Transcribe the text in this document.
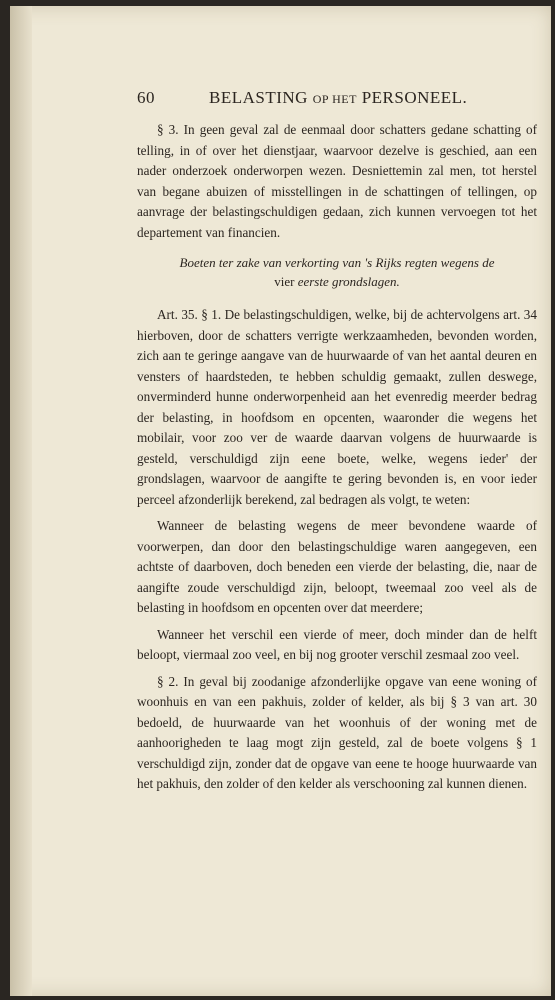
60	BELASTING OP HET PERSONEEL.

§ 3. In geen geval zal de eenmaal door schatters gedane schatting of telling, in of over het dienstjaar, waarvoor dezelve is geschied, aan een nader onderzoek onderworpen wezen. Desniettemin zal men, tot herstel van begane abuizen of misstellingen in de schattingen of tellingen, op aanvrage der belastingschuldigen gedaan, zich kunnen vervoegen tot het departement van financien.

Boeten ter zake van verkorting van 's Rijks regten wegens de
vier eerste grondslagen.

Art. 35. § 1. De belastingschuldigen, welke, bij de achtervolgens art. 34 hierboven, door de schatters verrigte werkzaamheden, bevonden worden, zich aan te geringe aangave van de huurwaarde of van het aantal deuren en vensters of haardsteden, te hebben schuldig gemaakt, zullen deswege, onverminderd hunne onderworpenheid aan het evenredig meerder bedrag der belasting, in hoofdsom en opcenten, waaronder die wegens het mobilair, voor zoo ver de waarde daarvan volgens de huurwaarde is gesteld, verschuldigd zijn eene boete, welke, wegens ieder' der grondslagen, waarvoor de aangifte te gering bevonden is, en voor ieder perceel afzonderlijk berekend, zal bedragen als volgt, te weten:

Wanneer de belasting wegens de meer bevondene waarde of voorwerpen, dan door den belastingschuldige waren aangegeven, een achtste of daarboven, doch beneden een vierde der belasting, die, naar de aangifte zoude verschuldigd zijn, beloopt, tweemaal zoo veel als de belasting in hoofdsom en opcenten over dat meerdere;

Wanneer het verschil een vierde of meer, doch minder dan de helft beloopt, viermaal zoo veel, en bij nog grooter verschil zesmaal zoo veel.

§ 2. In geval bij zoodanige afzonderlijke opgave van eene woning of woonhuis en van een pakhuis, zolder of kelder, als bij § 3 van art. 30 bedoeld, de huurwaarde van het woonhuis of der woning met de aanhoorigheden te laag mogt zijn gesteld, zal de boete volgens § 1 verschuldigd zijn, zonder dat de opgave van eene te hooge huurwaarde van het pakhuis, den zolder of den kelder als verschooning zal kunnen dienen.
